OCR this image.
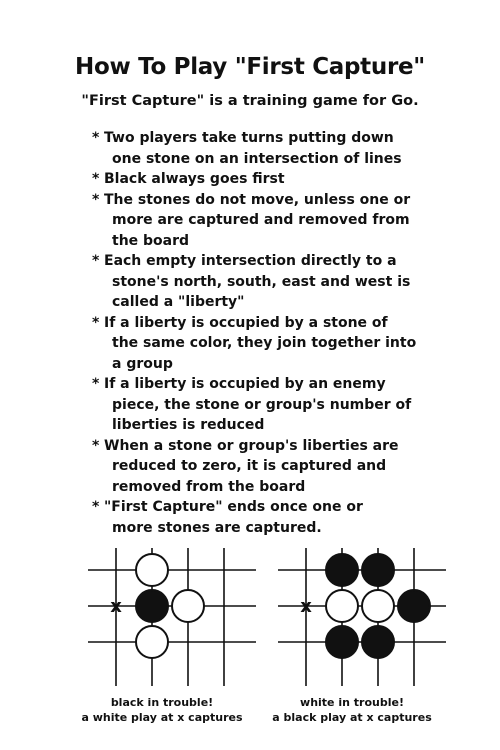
How To Play "First Capture"

"First Capture" is a training game for Go.

* Two players take turns putting down
one stone on an intersection of lines
* Black always goes first
* The stones do not move, unless one or
more are captured and removed from
the board
* Each empty intersection directly to a
stone's north, south, east and west is
called a "liberty"
* If a liberty is occupied by a stone of
the same color, they join together into
a group
* If a liberty is occupied by an enemy
piece, the stone or group's number of
liberties is reduced
* When a stone or group's liberties are
reduced to zero, it is captured and
removed from the board
* "First Capture" ends once one or
more stones are captured.
x	x
black in trouble!
a white play at x captures
white in trouble!
a black play at x captures
